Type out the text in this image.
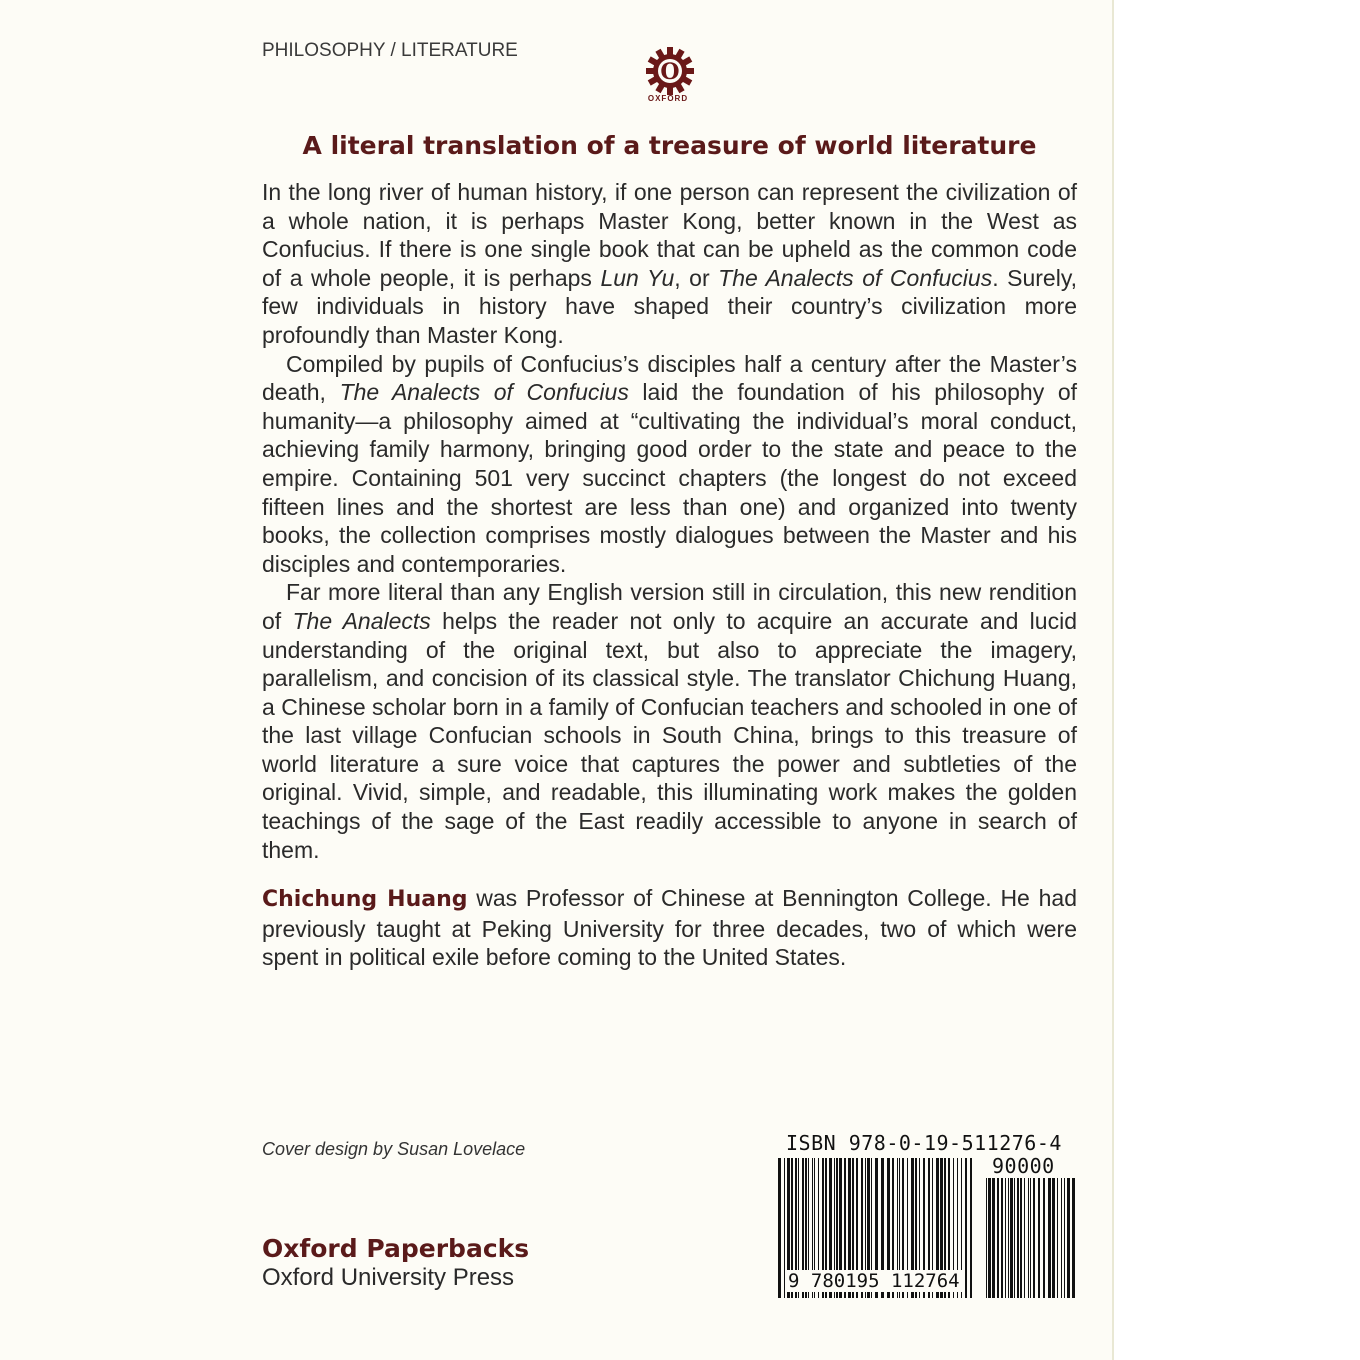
PHILOSOPHY / LITERATURE
O
OXFORD
A literal translation of a treasure of world literature

In the long river of human history, if one person can represent the civilization of a whole nation, it is perhaps Master Kong, better known in the West as Confucius. If there is one single book that can be upheld as the common code of a whole people, it is perhaps Lun Yu, or The Analects of Confucius. Surely, few individuals in history have shaped their country’s civilization more profoundly than Master Kong.

Compiled by pupils of Confucius’s disciples half a century after the Master’s death, The Analects of Confucius laid the foundation of his philosophy of humanity—a philosophy aimed at “cultivating the individual’s moral conduct, achieving family harmony, bringing good order to the state and peace to the empire. Containing 501 very succinct chapters (the longest do not exceed fifteen lines and the shortest are less than one) and organized into twenty books, the collection comprises mostly dialogues between the Master and his disciples and contemporaries.

Far more literal than any English version still in circulation, this new rendition of The Analects helps the reader not only to acquire an accurate and lucid understanding of the original text, but also to appreciate the imagery, parallelism, and concision of its classical style. The translator Chichung Huang, a Chinese scholar born in a family of Confucian teachers and schooled in one of the last village Confucian schools in South China, brings to this treasure of world literature a sure voice that captures the power and subtleties of the original. Vivid, simple, and readable, this illuminating work makes the golden teachings of the sage of the East readily accessible to anyone in search of them.

Chichung Huang was Professor of Chinese at Bennington College. He had previously taught at Peking University for three decades, two of which were spent in political exile before coming to the United States.
Cover design by Susan Lovelace
Oxford Paperbacks
Oxford University Press
ISBN 978-0-19-511276-4
90000
9 780195 112764
